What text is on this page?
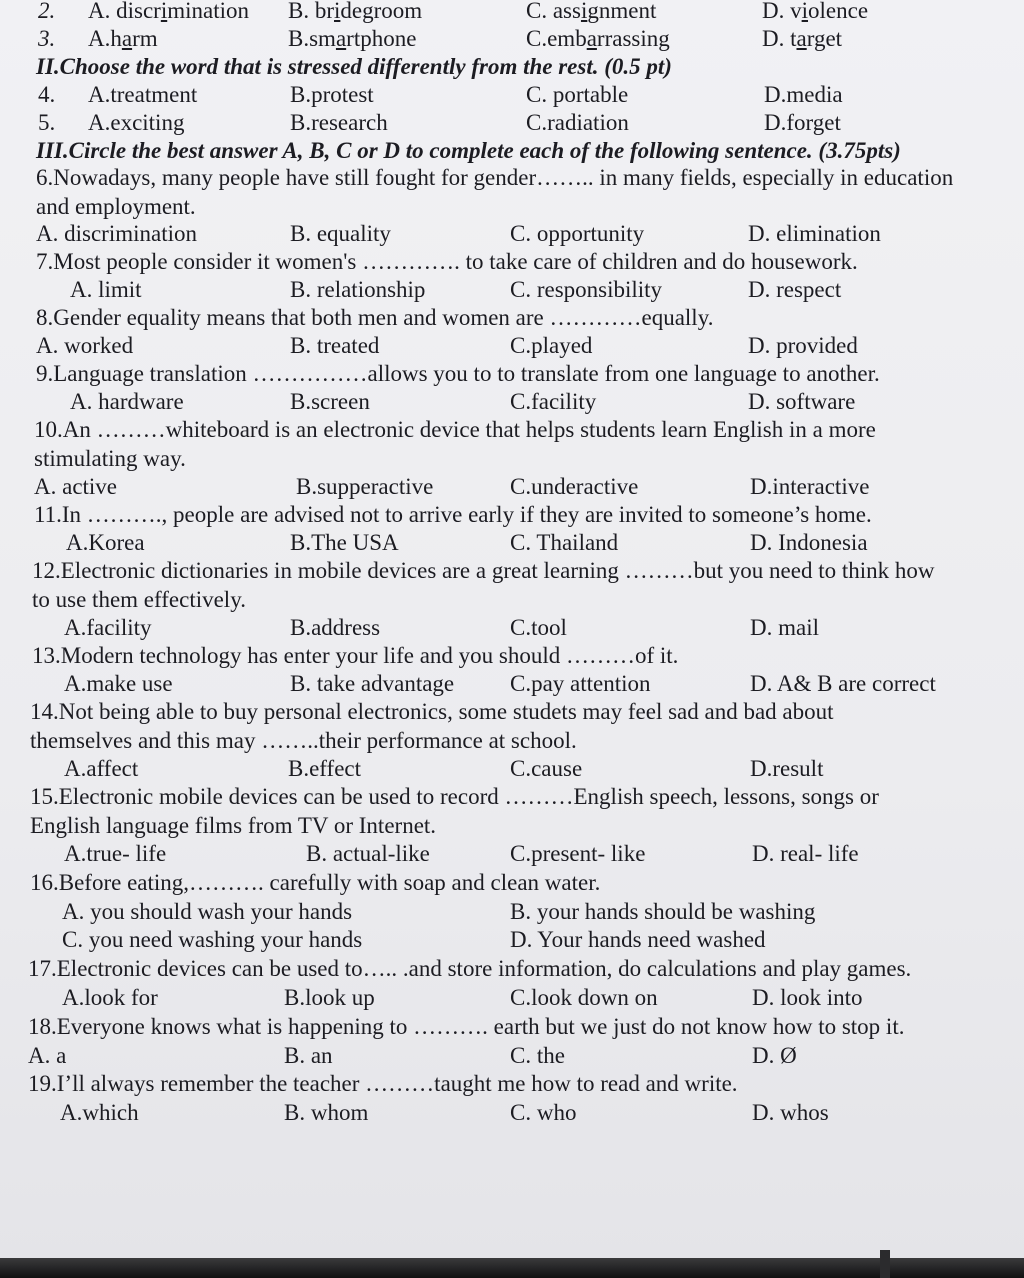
2. A. discrimination B. bridegroom	C. assignment	D. violence
3. A.harm	B.smartphone	C.embarrassing	D. target
II.Choose the word that is stressed differently from the rest. (0.5 pt)
4. A.treatment	B.protest	C. portable	D.media
5. A.exciting	B.research	C.radiation	D.forget
III.Circle the best answer A, B, C or D to complete each of the following sentence. (3.75pts)
6.Nowadays, many people have still fought for gender…….. in many fields, especially in education
and employment.
A. discrimination	B. equality	C. opportunity	D. elimination
7.Most people consider it women's …………. to take care of children and do housework.
A. limit	B. relationship	C. responsibility	D. respect
8.Gender equality means that both men and women are …………equally.
A. worked	B. treated	C.played	D. provided
9.Language translation ……………allows you to to translate from one language to another.
A. hardware	B.screen	C.facility	D. software
10.An ………whiteboard is an electronic device that helps students learn English in a more
stimulating way.
A. active	B.supperactive	C.underactive	D.interactive
11.In ………., people are advised not to arrive early if they are invited to someone’s home.
A.Korea	B.The USA	C. Thailand	D. Indonesia
12.Electronic dictionaries in mobile devices are a great learning ………but you need to think how
to use them effectively.
A.facility	B.address	C.tool	D. mail
13.Modern technology has enter your life and you should ………of it.
A.make use	B. take advantage C.pay attention	D. A& B are correct
14.Not being able to buy personal electronics, some studets may feel sad and bad about
themselves and this may ……..their performance at school.
A.affect	B.effect	C.cause	D.result
15.Electronic mobile devices can be used to record ………English speech, lessons, songs or
English language films from TV or Internet.
A.true- life	B. actual-like	C.present- like	D. real- life
16.Before eating,………. carefully with soap and clean water.
A. you should wash your hands	B. your hands should be washing
C. you need washing your hands	D. Your hands need washed
17.Electronic devices can be used to….. .and store information, do calculations and play games.
A.look for	B.look up	C.look down on	D. look into
18.Everyone knows what is happening to ………. earth but we just do not know how to stop it.
A. a	B. an	C. the	D. Ø
19.I’ll always remember the teacher ………taught me how to read and write.
A.which	B. whom	C. who	D. whos
